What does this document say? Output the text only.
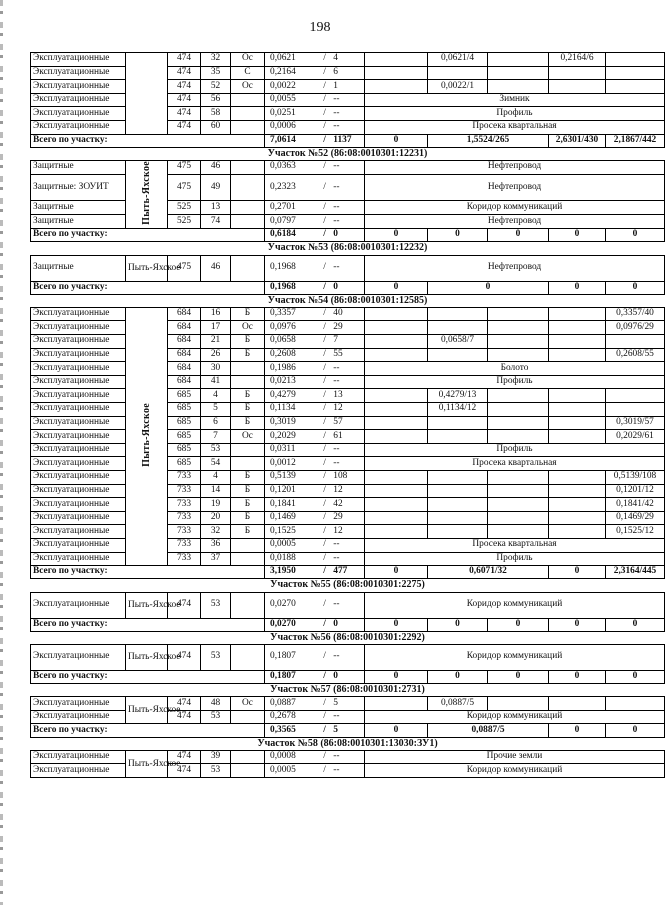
198
Эксплуатационные		474	32	Ос	0,0621 / 4		0,0621/4		0,2164/6	
Эксплуатационные		474	35	С	0,2164 / 6					

Эксплуатационные		474	52	Ос	0,0022 / 1		0,0022/1			
Эксплуатационные		474	56		0,0055 / --	Зимник				
Эксплуатационные		474	58		0,0251 / --	Профиль				
Эксплуатационные		474	60		0,0006 / --	Просека квартальная				
Всего по участку:					7,0614 / 1137	0	1,5524/265		2,6301/430	2,1867/442
Участок №52 (86:08:0010301:12231)										
Защитные	Пыть-Яхское	475	46		0,0363 / --	Нефтепровод				
Защитные: ЗОУИТ		475	49		0,2323 / --	Нефтепровод				
Защитные		525	13		0,2701 / --	Коридор коммуникаций				
Защитные		525	74		0,0797 / --	Нефтепровод				
Всего по участку:					0,6184 / 0	0	0	0	0	0
Участок №53 (86:08:0010301:12232)										
Защитные	Пыть-Яхское	475	46		0,1968 / --	Нефтепровод				
Всего по участку:					0,1968 / 0	0	0		0	0
Участок №54 (86:08:0010301:12585)										
Эксплуатационные	Пыть-Яхское	684	16	Б	0,3357 / 40					0,3357/40
Эксплуатационные		684	17	Ос	0,0976 / 29					0,0976/29
Эксплуатационные		684	21	Б	0,0658 / 7		0,0658/7			
Эксплуатационные		684	26	Б	0,2608 / 55					0,2608/55
Эксплуатационные		684	30		0,1986 / --	Болото				
Эксплуатационные		684	41		0,0213 / --	Профиль				
Эксплуатационные		685	4	Б	0,4279 / 13		0,4279/13			
Эксплуатационные		685	5	Б	0,1134 / 12		0,1134/12			
Эксплуатационные		685	6	Б	0,3019 / 57					0,3019/57
Эксплуатационные		685	7	Ос	0,2029 / 61					0,2029/61
Эксплуатационные		685	53		0,0311 / --	Профиль				
Эксплуатационные		685	54		0,0012 / --	Просека квартальная				
Эксплуатационные		733	4	Б	0,5139 / 108					0,5139/108
Эксплуатационные		733	14	Б	0,1201 / 12					0,1201/12
Эксплуатационные		733	19	Б	0,1841 / 42					0,1841/42
Эксплуатационные		733	20	Б	0,1469 / 29					0,1469/29
Эксплуатационные		733	32	Б	0,1525 / 12					0,1525/12
Эксплуатационные		733	36		0,0005 / --	Просека квартальная				
Эксплуатационные		733	37		0,0188 / --	Профиль				
Всего по участку:					3,1950 / 477	0	0,6071/32		0	2,3164/445
Участок №55 (86:08:0010301:2275)										
Эксплуатационные	Пыть-Яхское	474	53		0,0270 / --	Коридор коммуникаций				
Всего по участку:					0,0270 / 0	0	0	0	0	0
Участок №56 (86:08:0010301:2292)										
Эксплуатационные	Пыть-Яхское	474	53		0,1807 / --	Коридор коммуникаций				
Всего по участку:					0,1807 / 0	0	0	0	0	0
Участок №57 (86:08:0010301:2731)										
Эксплуатационные	Пыть-Яхское	474	48	Ос	0,0887 / 5		0,0887/5			
Эксплуатационные		474	53		0,2678 / --	Коридор коммуникаций				
Всего по участку:					0,3565 / 5	0	0,0887/5		0	0
Участок №58 (86:08:0010301:13030:ЗУ1)										
Эксплуатационные	Пыть-Яхское	474	39		0,0008 / --	Прочие земли				
Эксплуатационные		474	53		0,0005 / --	Коридор коммуникаций				
